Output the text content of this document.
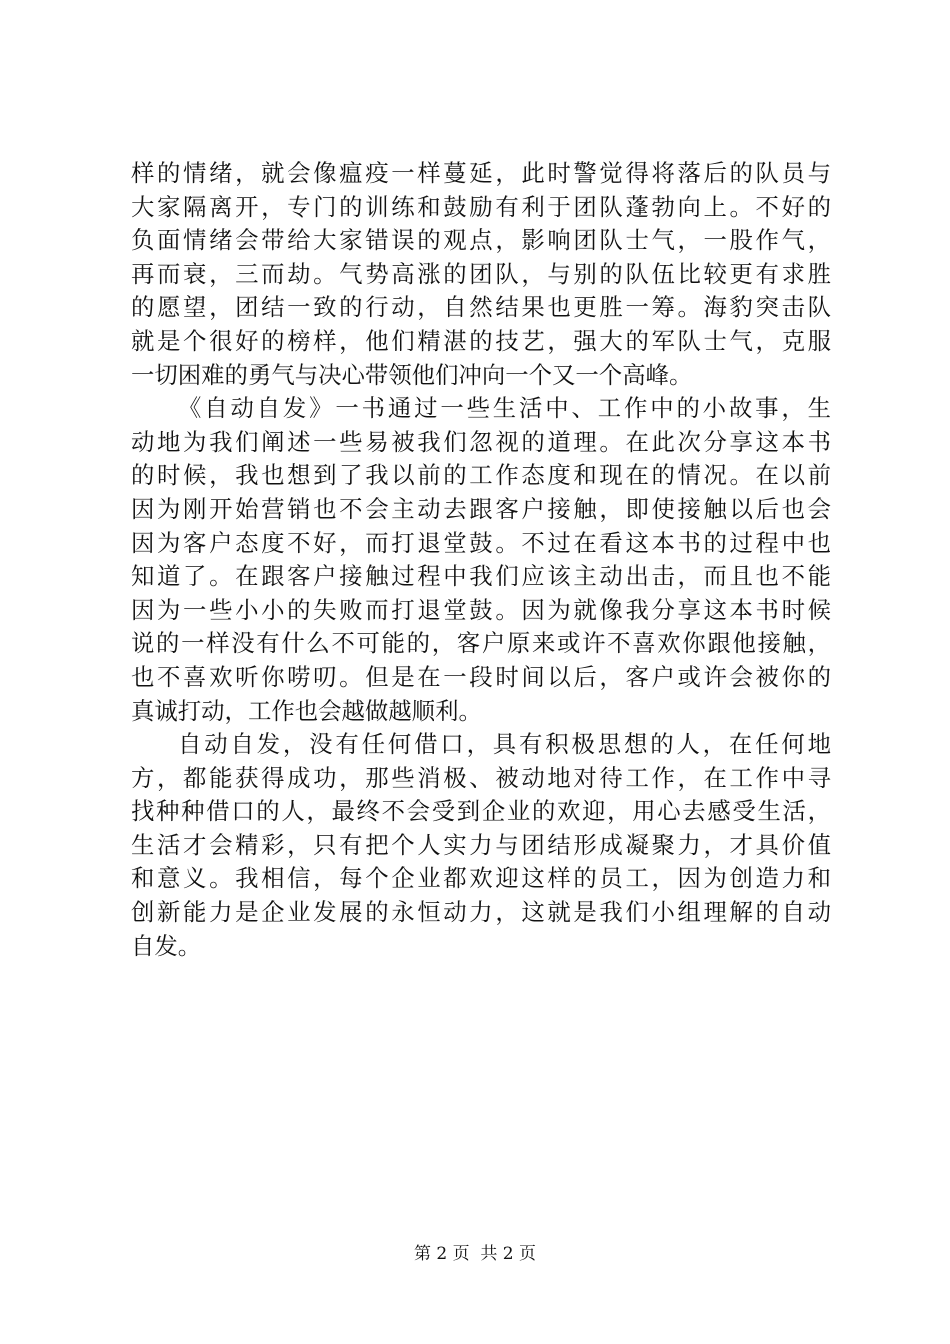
样的情绪，就会像瘟疫一样蔓延，此时警觉得将落后的队员与
大家隔离开，专门的训练和鼓励有利于团队蓬勃向上。不好的
负面情绪会带给大家错误的观点，影响团队士气，一股作气，
再而衰，三而劫。气势高涨的团队，与别的队伍比较更有求胜
的愿望，团结一致的行动，自然结果也更胜一筹。海豹突击队
就是个很好的榜样，他们精湛的技艺，强大的军队士气，克服
一切困难的勇气与决心带领他们冲向一个又一个高峰。
《自动自发》一书通过一些生活中、工作中的小故事，生
动地为我们阐述一些易被我们忽视的道理。在此次分享这本书
的时候，我也想到了我以前的工作态度和现在的情况。在以前
因为刚开始营销也不会主动去跟客户接触，即使接触以后也会
因为客户态度不好，而打退堂鼓。不过在看这本书的过程中也
知道了。在跟客户接触过程中我们应该主动出击，而且也不能
因为一些小小的失败而打退堂鼓。因为就像我分享这本书时候
说的一样没有什么不可能的，客户原来或许不喜欢你跟他接触，
也不喜欢听你唠叨。但是在一段时间以后，客户或许会被你的
真诚打动，工作也会越做越顺利。
自动自发，没有任何借口，具有积极思想的人，在任何地
方，都能获得成功，那些消极、被动地对待工作，在工作中寻
找种种借口的人，最终不会受到企业的欢迎，用心去感受生活，
生活才会精彩，只有把个人实力与团结形成凝聚力，才具价值
和意义。我相信，每个企业都欢迎这样的员工，因为创造力和
创新能力是企业发展的永恒动力，这就是我们小组理解的自动
自发。
第 2 页  共 2 页
